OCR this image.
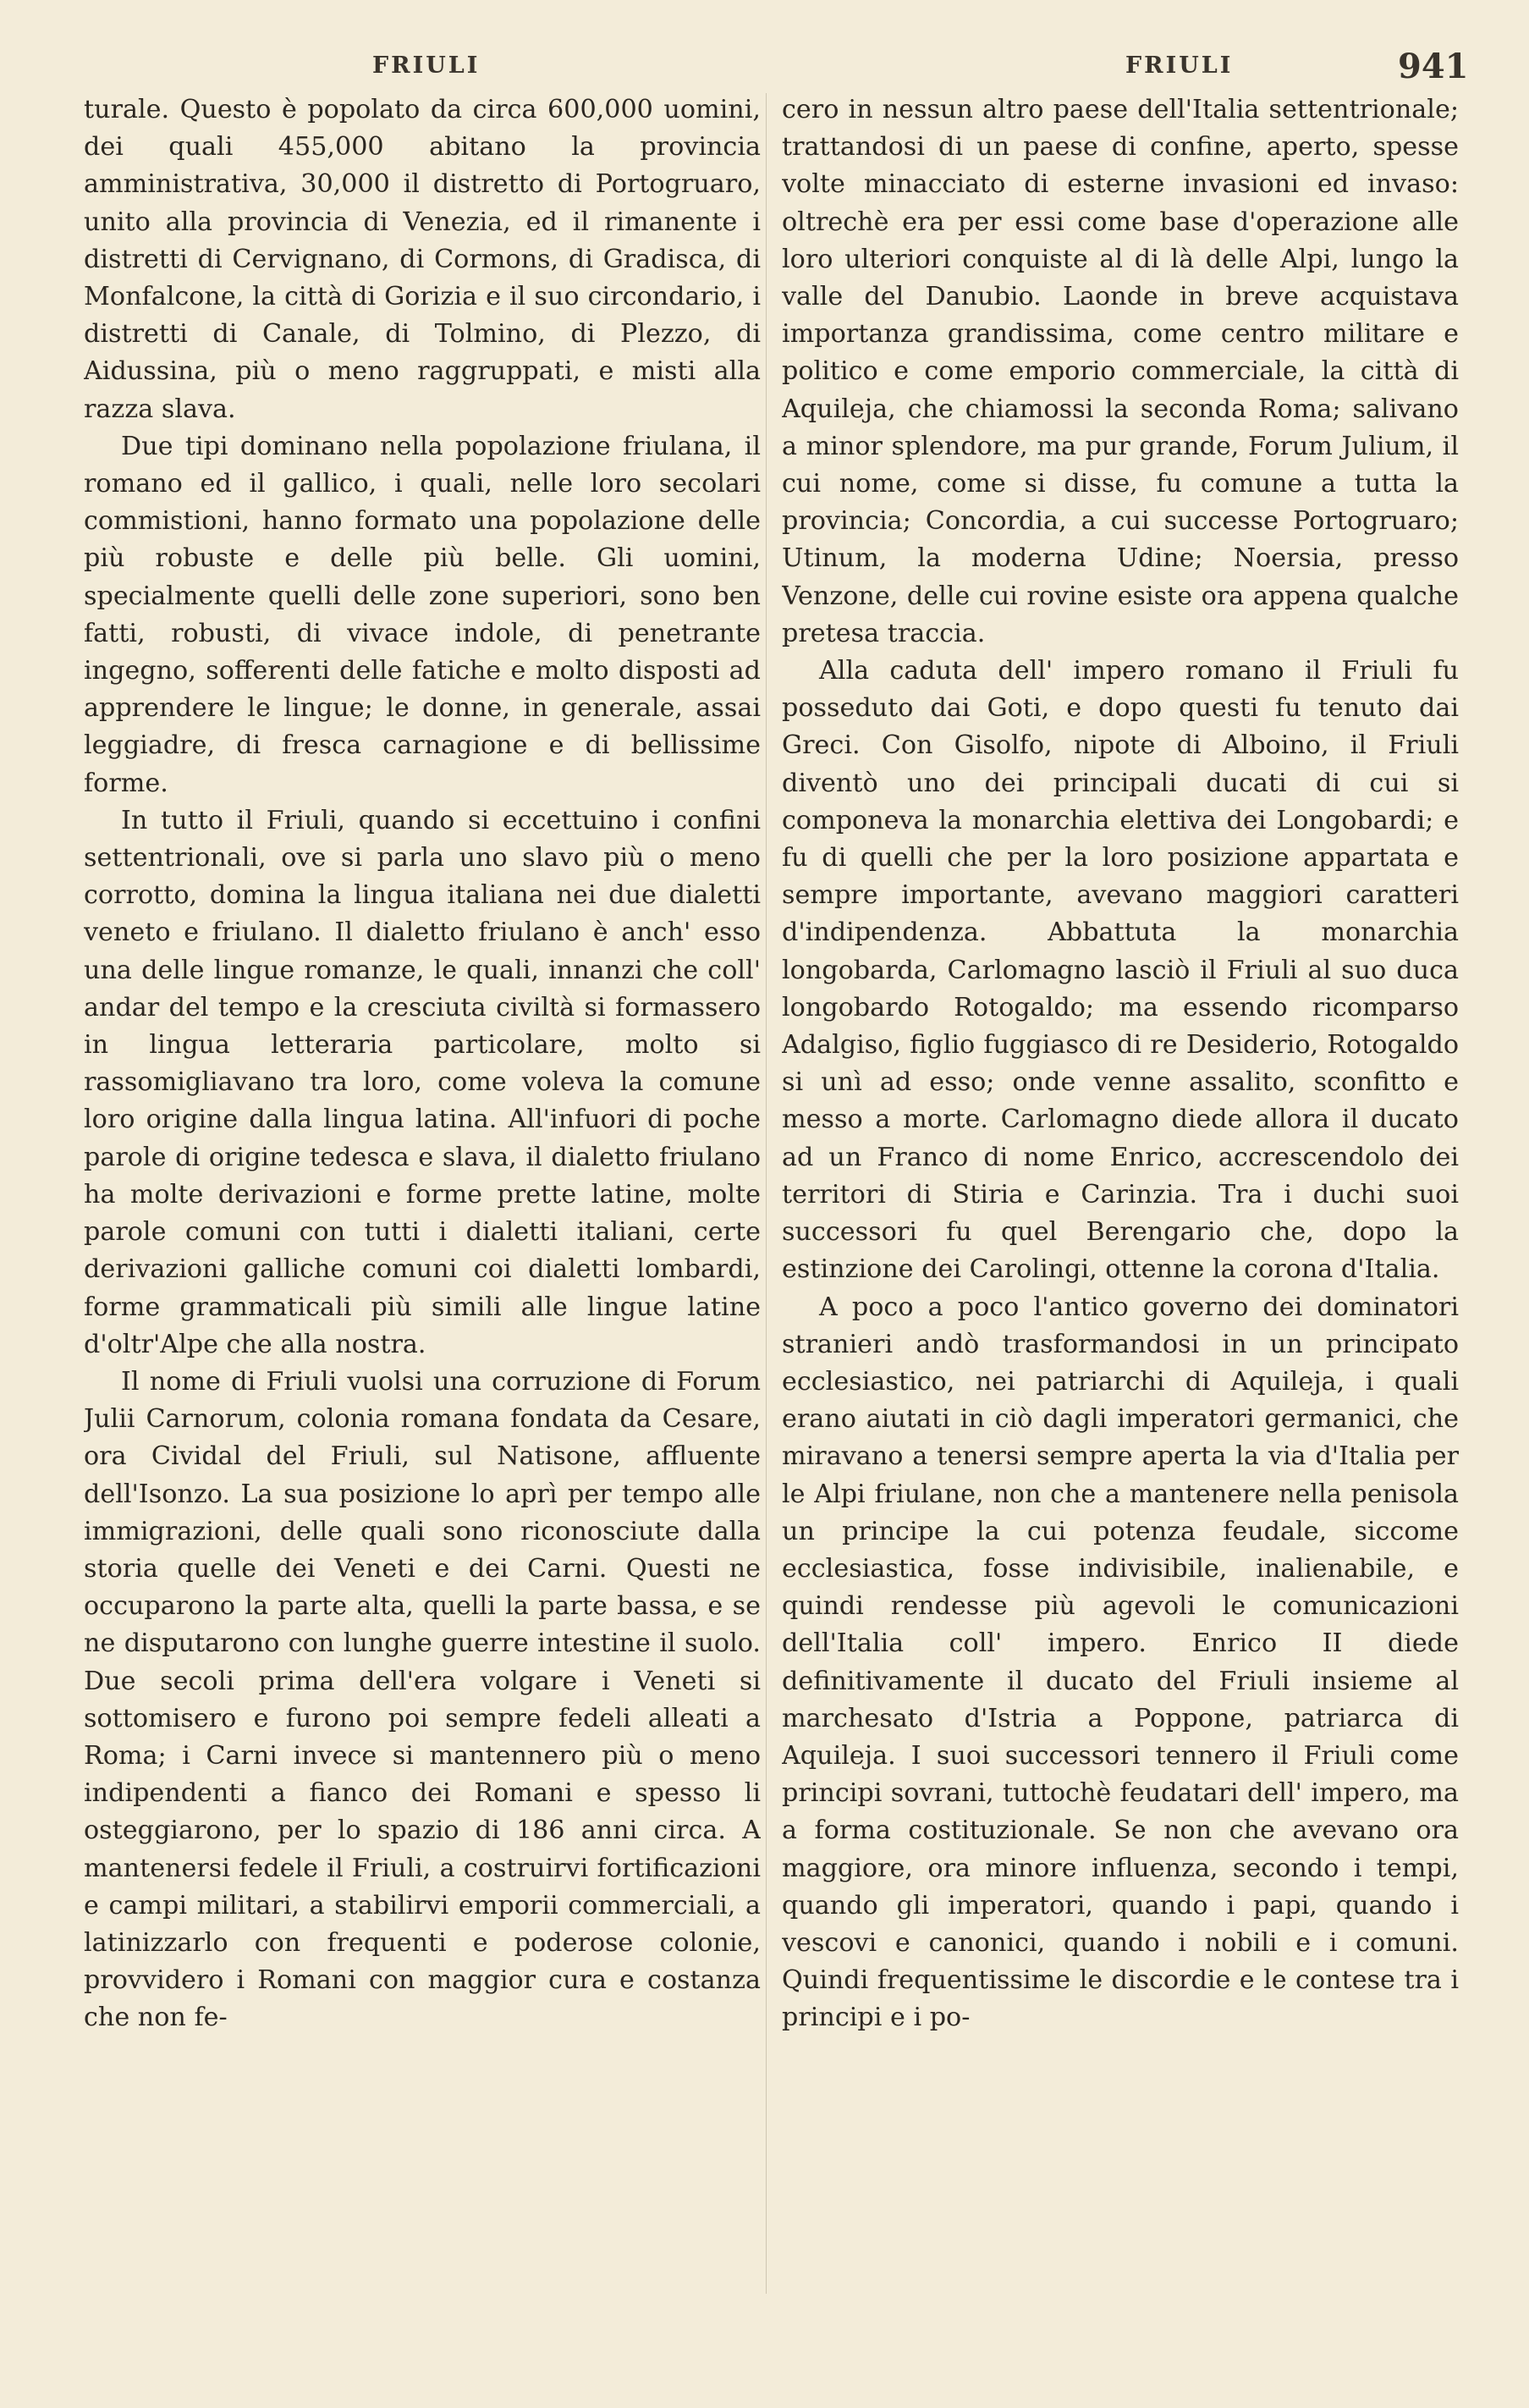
FRIULI	FRIULI	941

turale. Questo è popolato da circa 600,000 uomini, dei quali 455,000 abitano la provincia amministrativa, 30,000 il distretto di Portogruaro, unito alla provincia di Venezia, ed il rimanente i distretti di Cervignano, di Cormons, di Gradisca, di Monfalcone, la città di Gorizia e il suo circondario, i distretti di Canale, di Tolmino, di Plezzo, di Aidussina, più o meno raggruppati, e misti alla razza slava.

Due tipi dominano nella popolazione friulana, il romano ed il gallico, i quali, nelle loro secolari commistioni, hanno formato una popolazione delle più robuste e delle più belle. Gli uomini, specialmente quelli delle zone superiori, sono ben fatti, robusti, di vivace indole, di penetrante ingegno, sofferenti delle fatiche e molto disposti ad apprendere le lingue; le donne, in generale, assai leggiadre, di fresca carnagione e di bellissime forme.

In tutto il Friuli, quando si eccettuino i confini settentrionali, ove si parla uno slavo più o meno corrotto, domina la lingua italiana nei due dialetti veneto e friulano. Il dialetto friulano è anch' esso una delle lingue romanze, le quali, innanzi che coll' andar del tempo e la cresciuta civiltà si formassero in lingua letteraria particolare, molto si rassomigliavano tra loro, come voleva la comune loro origine dalla lingua latina. All'infuori di poche parole di origine tedesca e slava, il dialetto friulano ha molte derivazioni e forme prette latine, molte parole comuni con tutti i dialetti italiani, certe derivazioni galliche comuni coi dialetti lombardi, forme grammaticali più simili alle lingue latine d'oltr'Alpe che alla nostra.

Il nome di Friuli vuolsi una corruzione di Forum Julii Carnorum, colonia romana fondata da Cesare, ora Cividal del Friuli, sul Natisone, affluente dell'Isonzo. La sua posizione lo aprì per tempo alle immigrazioni, delle quali sono riconosciute dalla storia quelle dei Veneti e dei Carni. Questi ne occuparono la parte alta, quelli la parte bassa, e se ne disputarono con lunghe guerre intestine il suolo. Due secoli prima dell'era volgare i Veneti si sottomisero e furono poi sempre fedeli alleati a Roma; i Carni invece si mantennero più o meno indipendenti a fianco dei Romani e spesso li osteggiarono, per lo spazio di 186 anni circa. A mantenersi fedele il Friuli, a costruirvi fortificazioni e campi militari, a stabilirvi emporii commerciali, a latinizzarlo con frequenti e poderose colonie, provvidero i Romani con maggior cura e costanza che non fe-

cero in nessun altro paese dell'Italia settentrionale; trattandosi di un paese di confine, aperto, spesse volte minacciato di esterne invasioni ed invaso: oltrechè era per essi come base d'operazione alle loro ulteriori conquiste al di là delle Alpi, lungo la valle del Danubio. Laonde in breve acquistava importanza grandissima, come centro militare e politico e come emporio commerciale, la città di Aquileja, che chiamossi la seconda Roma; salivano a minor splendore, ma pur grande, Forum Julium, il cui nome, come si disse, fu comune a tutta la provincia; Concordia, a cui successe Portogruaro; Utinum, la moderna Udine; Noersia, presso Venzone, delle cui rovine esiste ora appena qualche pretesa traccia.

Alla caduta dell' impero romano il Friuli fu posseduto dai Goti, e dopo questi fu tenuto dai Greci. Con Gisolfo, nipote di Alboino, il Friuli diventò uno dei principali ducati di cui si componeva la monarchia elettiva dei Longobardi; e fu di quelli che per la loro posizione appartata e sempre importante, avevano maggiori caratteri d'indipendenza. Abbattuta la monarchia longobarda, Carlomagno lasciò il Friuli al suo duca longobardo Rotogaldo; ma essendo ricomparso Adalgiso, figlio fuggiasco di re Desiderio, Rotogaldo si unì ad esso; onde venne assalito, sconfitto e messo a morte. Carlomagno diede allora il ducato ad un Franco di nome Enrico, accrescendolo dei territori di Stiria e Carinzia. Tra i duchi suoi successori fu quel Berengario che, dopo la estinzione dei Carolingi, ottenne la corona d'Italia.

A poco a poco l'antico governo dei dominatori stranieri andò trasformandosi in un principato ecclesiastico, nei patriarchi di Aquileja, i quali erano aiutati in ciò dagli imperatori germanici, che miravano a tenersi sempre aperta la via d'Italia per le Alpi friulane, non che a mantenere nella penisola un principe la cui potenza feudale, siccome ecclesiastica, fosse indivisibile, inalienabile, e quindi rendesse più agevoli le comunicazioni dell'Italia coll' impero. Enrico II diede definitivamente il ducato del Friuli insieme al marchesato d'Istria a Poppone, patriarca di Aquileja. I suoi successori tennero il Friuli come principi sovrani, tuttochè feudatari dell' impero, ma a forma costituzionale. Se non che avevano ora maggiore, ora minore influenza, secondo i tempi, quando gli imperatori, quando i papi, quando i vescovi e canonici, quando i nobili e i comuni. Quindi frequentissime le discordie e le contese tra i principi e i po-
